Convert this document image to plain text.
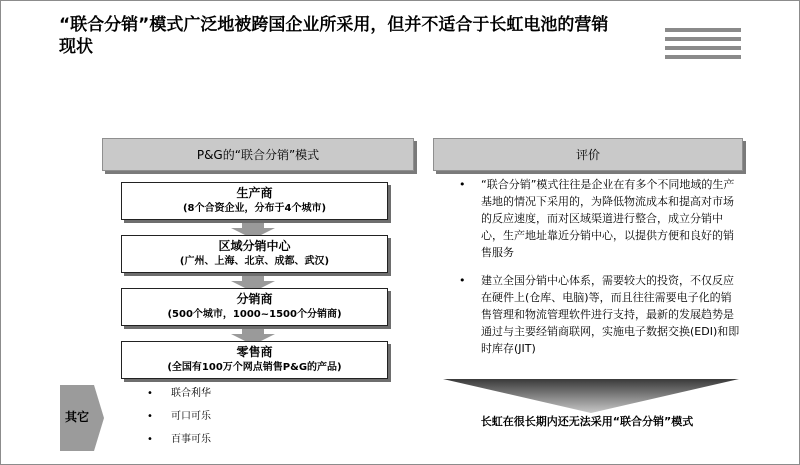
“联合分销”模式广泛地被跨国企业所采用，但并不适合于长虹电池的营销现状
P&G的“联合分销”模式	评价
生产商
(8个合资企业，分布于4个城市)
区域分销中心
(广州、上海、北京、成都、武汉)
分销商
(500个城市，1000~1500个分销商)
零售商
(全国有100万个网点销售P&G的产品)
• “联合分销”模式往往是企业在有多个不同地域的生产基地的情况下采用的，为降低物流成本和提高对市场的反应速度，而对区域渠道进行整合，成立分销中心，生产地址靠近分销中心，以提供方便和良好的销售服务
• 建立全国分销中心体系，需要较大的投资，不仅反应在硬件上(仓库、电脑)等，而且往往需要电子化的销售管理和物流管理软件进行支持，最新的发展趋势是通过与主要经销商联网，实施电子数据交换(EDI)和即时库存(JIT)
长虹在很长期内还无法采用“联合分销”模式
其它
• 联合利华
• 可口可乐
• 百事可乐
